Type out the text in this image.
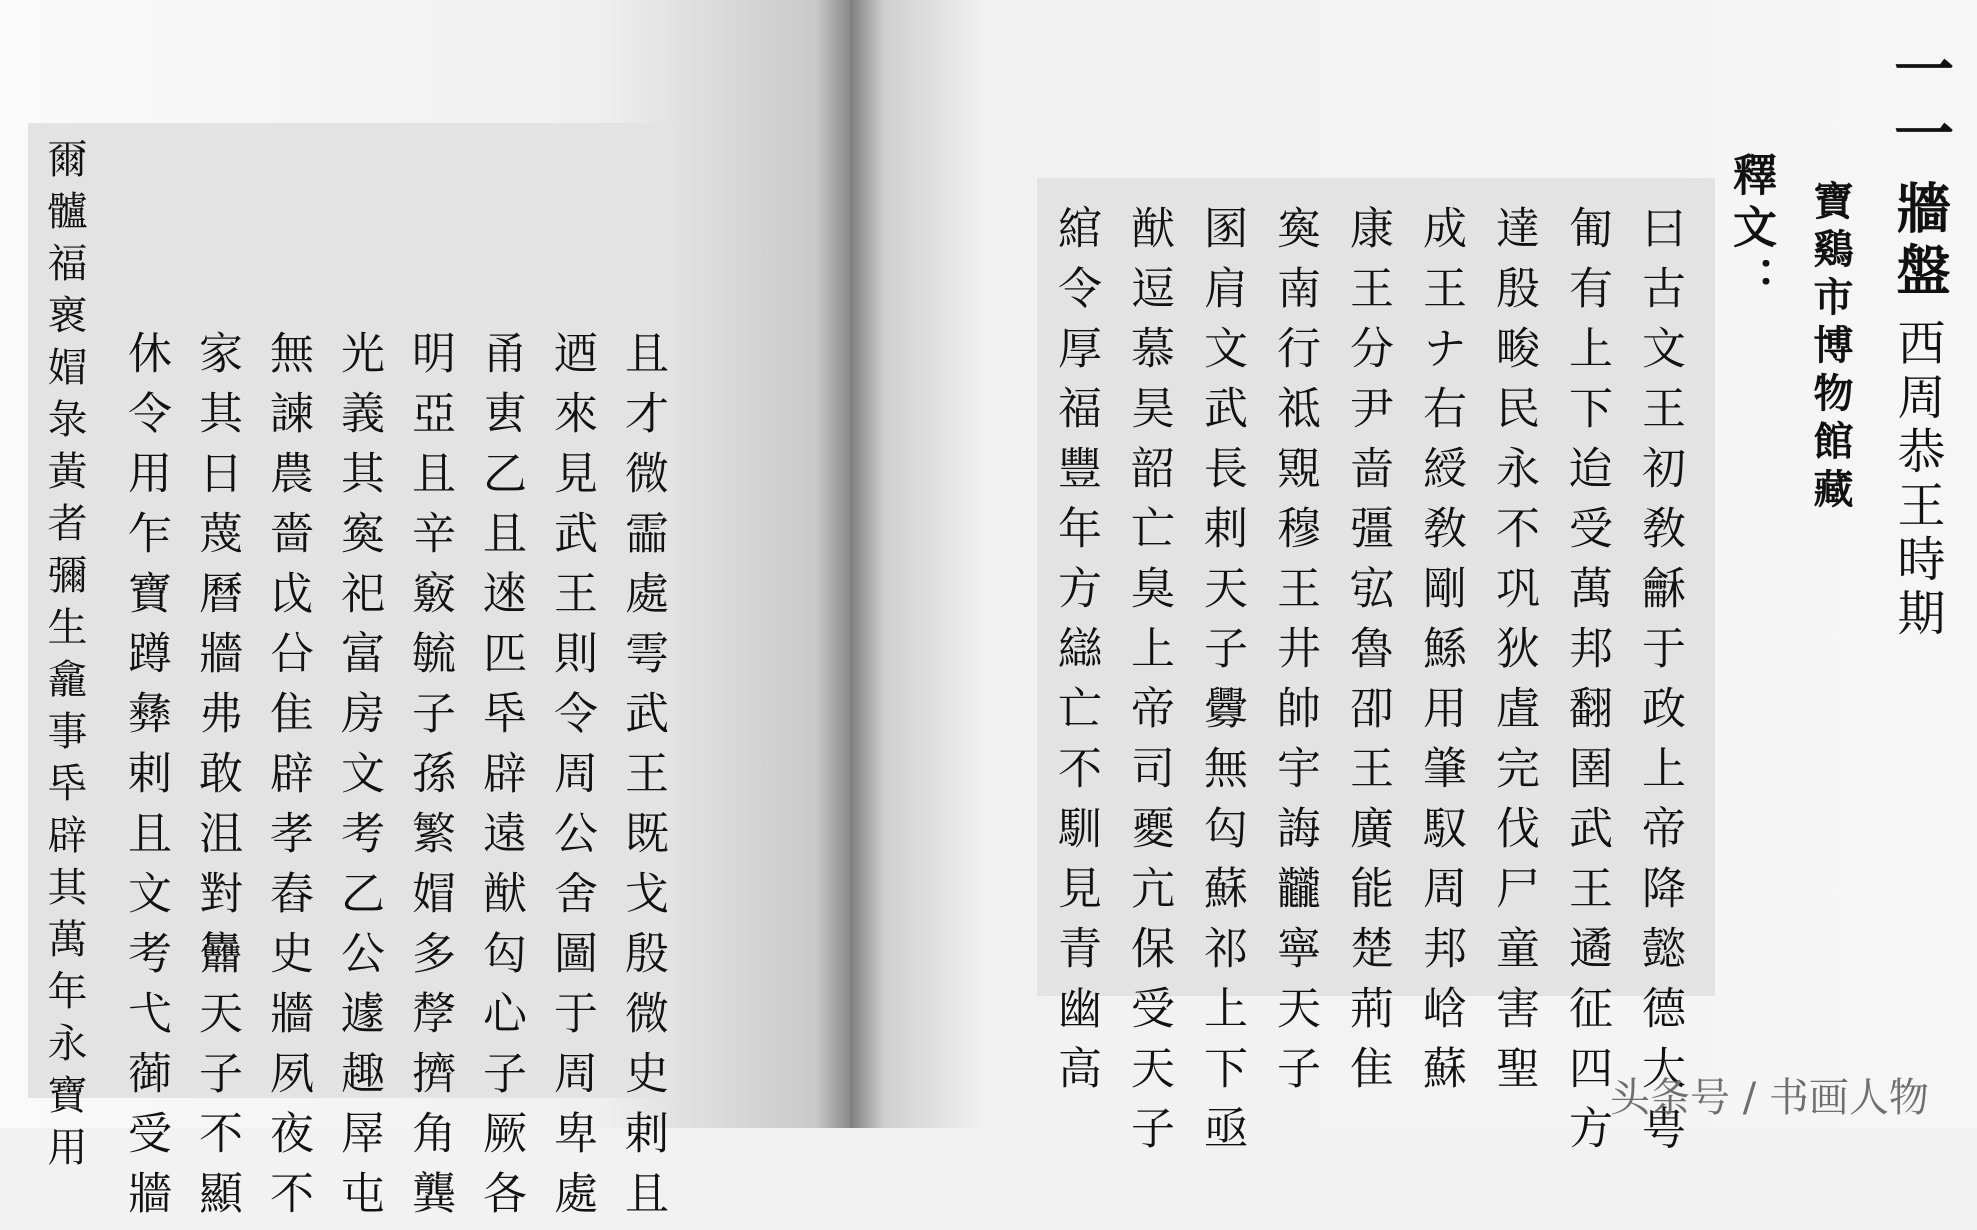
一一
牆盤
西周恭王時期
寶鷄市博物館藏
釋文：
曰古文王初敎龢于政上帝降懿德大甹
匍有上下迨受萬邦翻圉武王遹征四方
達殷畯民永不巩狄虘完伐尸童害聖
成王ナ右綬敎剛鯀用肇馭周邦㟏蘇
康王分尹啬彊宖魯卲王廣能楚荊隹
寏南行祗覭穆王井帥宇誨龖寧天子
圂肩文武長剌天子釁無匃蘇祁上下亟
猷逗慕昊韶亡臭上帝司夒亢保受天子
綰令厚福豐年方䜌亡不馴見青幽高
且才微霝處雩武王既戈殷微史剌且
迺來見武王則令周公舍圖于周卑處
甬叀乙且逨匹氒辟遠猷匃心子厥各
明亞且辛竅毓子孫繁媢多孷擠角龔
光義其寏祀富房文考乙公遽趣屖屯
無諫農嗇戉㕣隹辟孝舂史牆夙夜不
家其日蔑曆牆弗敢沮對䨊天子不顯
休令用乍寶蹲彝剌且文考弋蓹受牆
爾髗福褱媢彔黃者彌生龕事氒辟其萬年永寶用	头条号 / 书画人物
